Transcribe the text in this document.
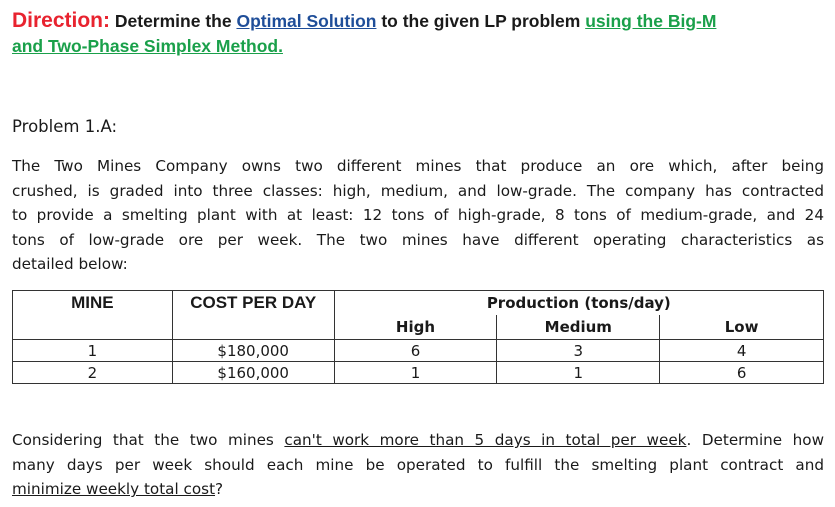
Direction: Determine the Optimal Solution to the given LP problem using the Big-M
and Two-Phase Simplex Method.
Problem 1.A:
The Two Mines Company owns two different mines that produce an ore which, after being
crushed, is graded into three classes: high, medium, and low-grade. The company has contracted
to provide a smelting plant with at least: 12 tons of high-grade, 8 tons of medium-grade, and 24
tons of low-grade ore per week. The two mines have different operating characteristics as
detailed below:
MINE	COST PER DAY	Production (tons/day)		
		High	Medium	Low
1	$180,000	6	3	4
2	$160,000	1	1	6
Considering that the two mines can't work more than 5 days in total per week. Determine how
many days per week should each mine be operated to fulfill the smelting plant contract and
minimize weekly total cost?
